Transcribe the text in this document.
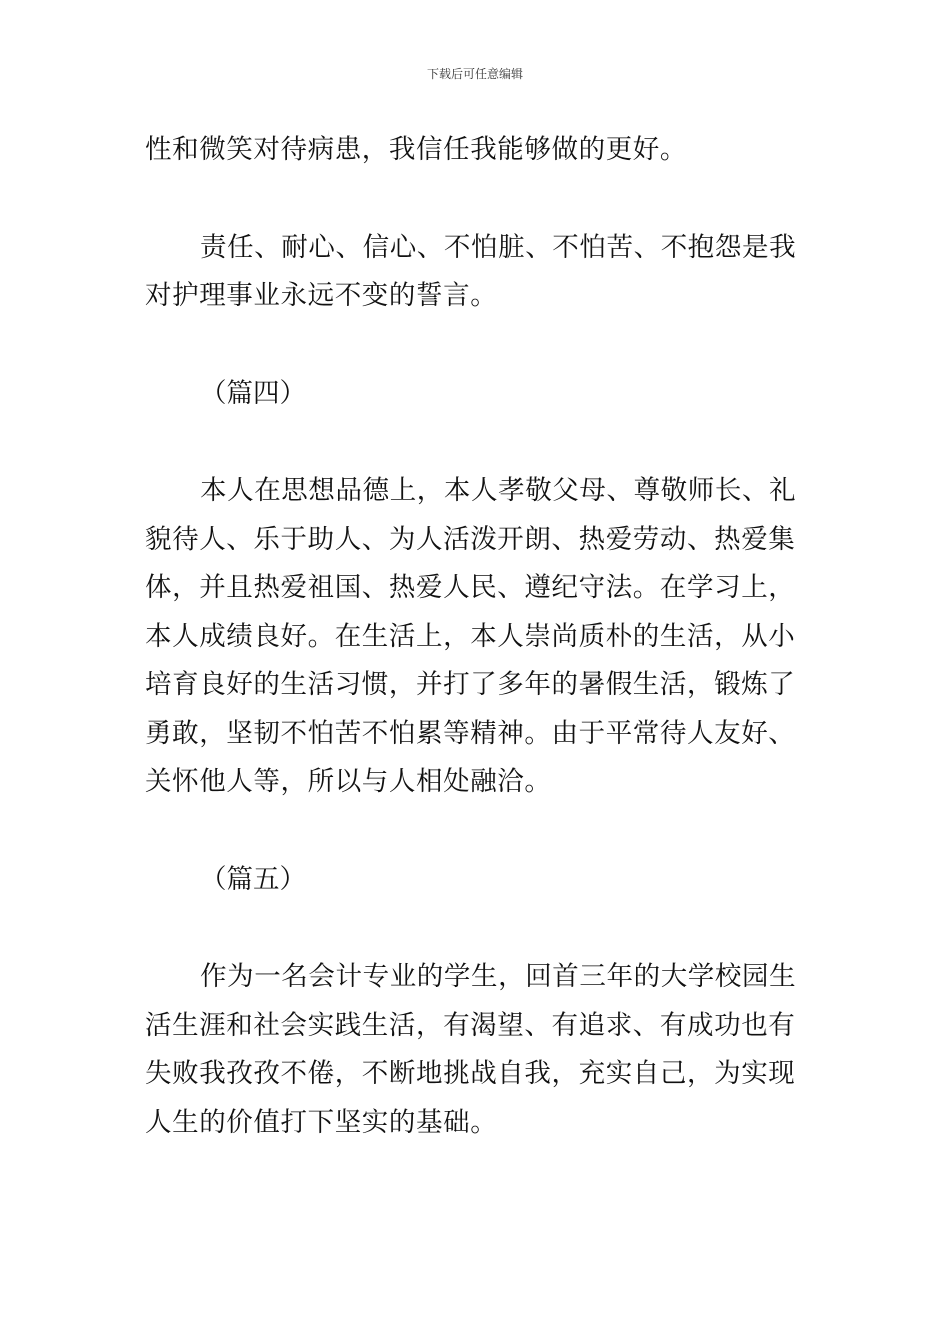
下载后可任意编辑

性和微笑对待病患，我信任我能够做的更好。

责任、耐心、信心、不怕脏、不怕苦、不抱怨是我对护理事业永远不变的誓言。

（篇四）

本人在思想品德上，本人孝敬父母、尊敬师长、礼貌待人、乐于助人、为人活泼开朗、热爱劳动、热爱集体，并且热爱祖国、热爱人民、遵纪守法。在学习上，本人成绩良好。在生活上，本人崇尚质朴的生活，从小培育良好的生活习惯，并打了多年的暑假生活，锻炼了勇敢，坚韧不怕苦不怕累等精神。由于平常待人友好、关怀他人等，所以与人相处融洽。

（篇五）

作为一名会计专业的学生，回首三年的大学校园生活生涯和社会实践生活，有渴望、有追求、有成功也有失败我孜孜不倦，不断地挑战自我，充实自己，为实现人生的价值打下坚实的基础。
